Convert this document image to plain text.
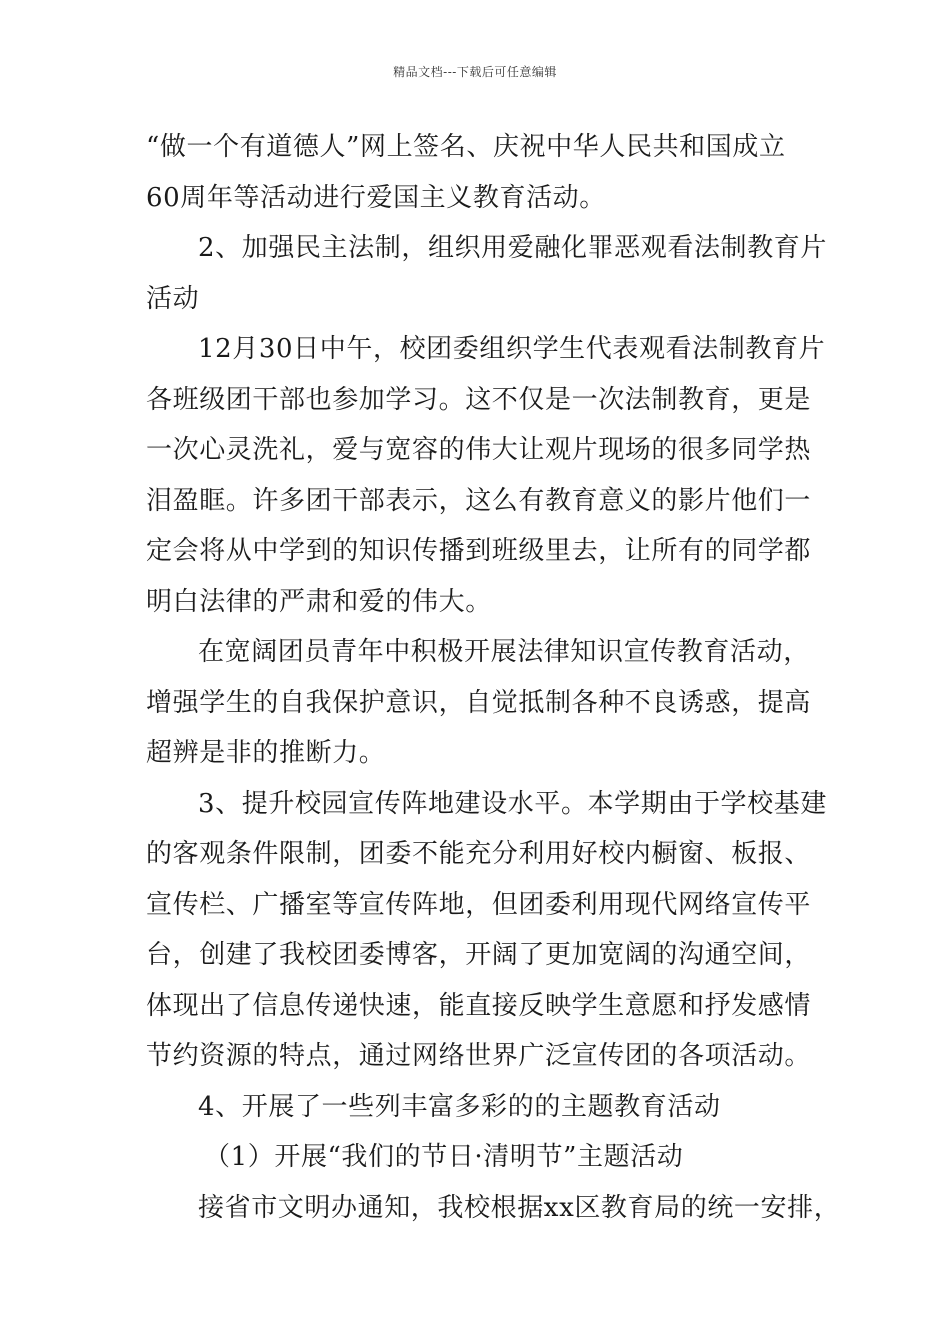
精品文档---下载后可任意编辑
“做一个有道德人”网上签名、庆祝中华人民共和国成立
60周年等活动进行爱国主义教育活动。
2、加强民主法制，组织用爱融化罪恶观看法制教育片
活动
12月30日中午，校团委组织学生代表观看法制教育片
各班级团干部也参加学习。这不仅是一次法制教育，更是
一次心灵洗礼，爱与宽容的伟大让观片现场的很多同学热
泪盈眶。许多团干部表示，这么有教育意义的影片他们一
定会将从中学到的知识传播到班级里去，让所有的同学都
明白法律的严肃和爱的伟大。
在宽阔团员青年中积极开展法律知识宣传教育活动，
增强学生的自我保护意识，自觉抵制各种不良诱惑，提高
超辨是非的推断力。
3、提升校园宣传阵地建设水平。本学期由于学校基建
的客观条件限制，团委不能充分利用好校内橱窗、板报、
宣传栏、广播室等宣传阵地，但团委利用现代网络宣传平
台，创建了我校团委博客，开阔了更加宽阔的沟通空间，
体现出了信息传递快速，能直接反映学生意愿和抒发感情
节约资源的特点，通过网络世界广泛宣传团的各项活动。
4、开展了一些列丰富多彩的的主题教育活动
（1）开展“我们的节日·清明节”主题活动
接省市文明办通知，我校根据xx区教育局的统一安排，
